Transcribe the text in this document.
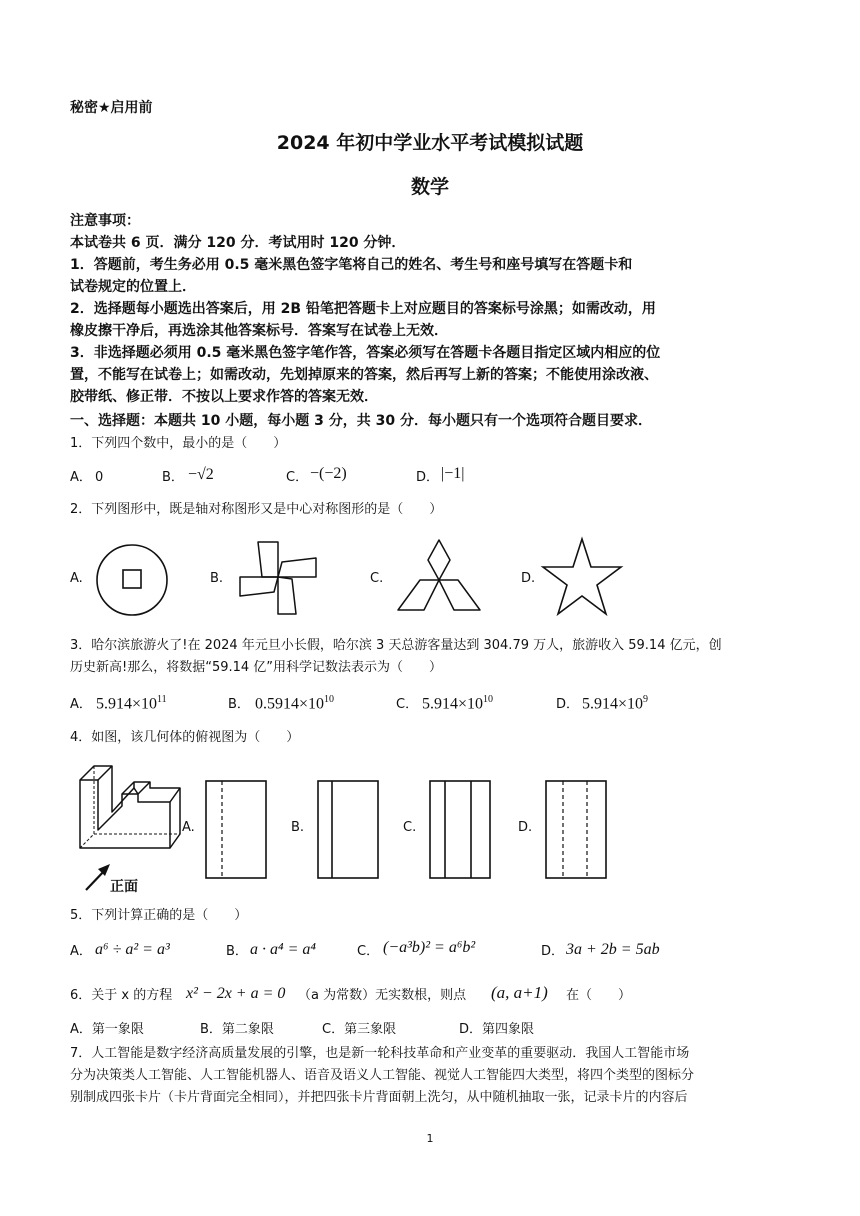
秘密★启用前
2024 年初中学业水平考试模拟试题
数学
注意事项：
本试卷共 6 页．满分 120 分．考试用时 120 分钟．
1．答题前，考生务必用 0.5 毫米黑色签字笔将自己的姓名、考生号和座号填写在答题卡和
试卷规定的位置上．
2．选择题每小题选出答案后，用 2B 铅笔把答题卡上对应题目的答案标号涂黑；如需改动，用
橡皮擦干净后，再选涂其他答案标号．答案写在试卷上无效．
3．非选择题必须用 0.5 毫米黑色签字笔作答，答案必须写在答题卡各题目指定区域内相应的位
置，不能写在试卷上；如需改动，先划掉原来的答案，然后再写上新的答案；不能使用涂改液、
胶带纸、修正带．不按以上要求作答的答案无效．
一、选择题：本题共 10 小题，每小题 3 分，共 30 分．每小题只有一个选项符合题目要求．
1．下列四个数中，最小的是（　　）
A． 0	B． −√2	C． −(−2)	D． |−1|
2．下列图形中，既是轴对称图形又是中心对称图形的是（　　）
A.	B.	C.	D.
3．哈尔滨旅游火了!在 2024 年元旦小长假，哈尔滨 3 天总游客量达到 304.79 万人，旅游收入 59.14 亿元，创
历史新高!那么，将数据“59.14 亿”用科学记数法表示为（　　）
A． $5.914\times 10^{11}$	B． $0.5914\times 10^{10}$	C． $5.914\times 10^{10}$	D． $5.914\times 10^9$
4．如图，该几何体的俯视图为（　　）
正面
A.	B.	C.	D.
5．下列计算正确的是（　　）
A． a⁶ ÷ a² = a³	B． a · a⁴ = a⁴	C． (−a³b)² = a⁶b²	D． 3a + 2b = 5ab
6．关于 x 的方程 x² − 2x + a = 0 （a 为常数）无实数根，则点 (a, a+1) 在（　　）
A．第一象限	B．第二象限	C．第三象限	D．第四象限
7．人工智能是数字经济高质量发展的引擎，也是新一轮科技革命和产业变革的重要驱动．我国人工智能市场
分为决策类人工智能、人工智能机器人、语音及语义人工智能、视觉人工智能四大类型，将四个类型的图标分
别制成四张卡片（卡片背面完全相同），并把四张卡片背面朝上洗匀，从中随机抽取一张，记录卡片的内容后
1
